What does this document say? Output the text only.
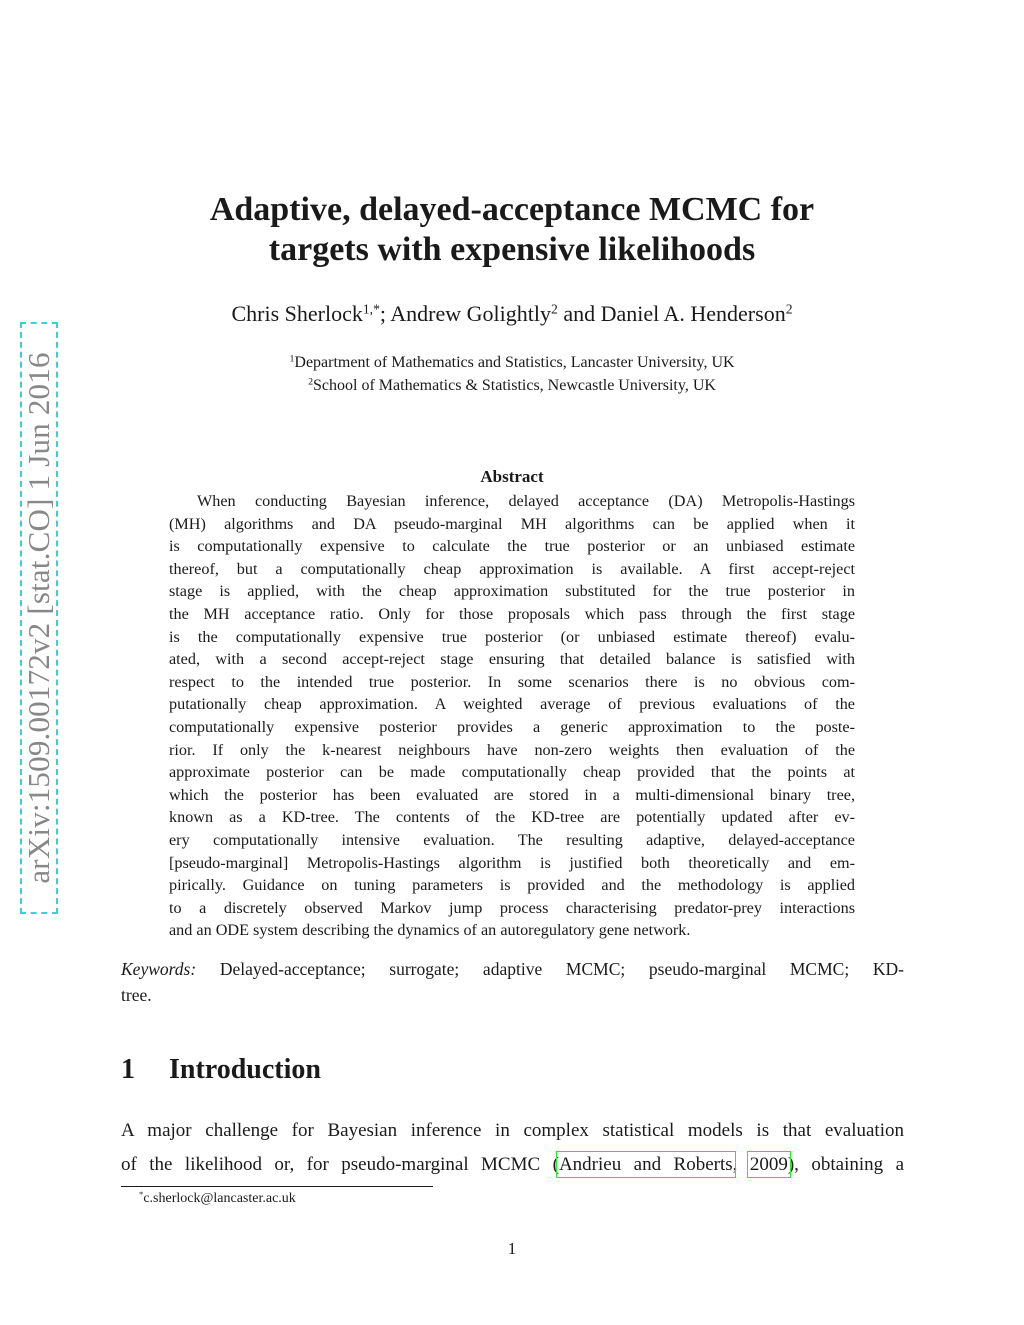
arXiv:1509.00172v2 [stat.CO] 1 Jun 2016
Adaptive, delayed-acceptance MCMC for
targets with expensive likelihoods
Chris Sherlock$^{1,*}$; Andrew Golightly$^2$ and Daniel A. Henderson$^2$
$^1$Department of Mathematics and Statistics, Lancaster University, UK
$^2$School of Mathematics & Statistics, Newcastle University, UK
Abstract
When conducting Bayesian inference, delayed acceptance (DA) Metropolis-Hastings
(MH) algorithms and DA pseudo-marginal MH algorithms can be applied when it
is computationally expensive to calculate the true posterior or an unbiased estimate
thereof, but a computationally cheap approximation is available. A first accept-reject
stage is applied, with the cheap approximation substituted for the true posterior in
the MH acceptance ratio. Only for those proposals which pass through the first stage
is the computationally expensive true posterior (or unbiased estimate thereof) evalu-
ated, with a second accept-reject stage ensuring that detailed balance is satisfied with
respect to the intended true posterior. In some scenarios there is no obvious com-
putationally cheap approximation. A weighted average of previous evaluations of the
computationally expensive posterior provides a generic approximation to the poste-
rior. If only the k-nearest neighbours have non-zero weights then evaluation of the
approximate posterior can be made computationally cheap provided that the points at
which the posterior has been evaluated are stored in a multi-dimensional binary tree,
known as a KD-tree. The contents of the KD-tree are potentially updated after ev-
ery computationally intensive evaluation. The resulting adaptive, delayed-acceptance
[pseudo-marginal] Metropolis-Hastings algorithm is justified both theoretically and em-
pirically. Guidance on tuning parameters is provided and the methodology is applied
to a discretely observed Markov jump process characterising predator-prey interactions
and an ODE system describing the dynamics of an autoregulatory gene network.
Keywords: Delayed-acceptance; surrogate; adaptive MCMC; pseudo-marginal MCMC; KD-
tree.
1 Introduction
A major challenge for Bayesian inference in complex statistical models is that evaluation
of the likelihood or, for pseudo-marginal MCMC (Andrieu and Roberts, 2009), obtaining a
*c.sherlock@lancaster.ac.uk
1
